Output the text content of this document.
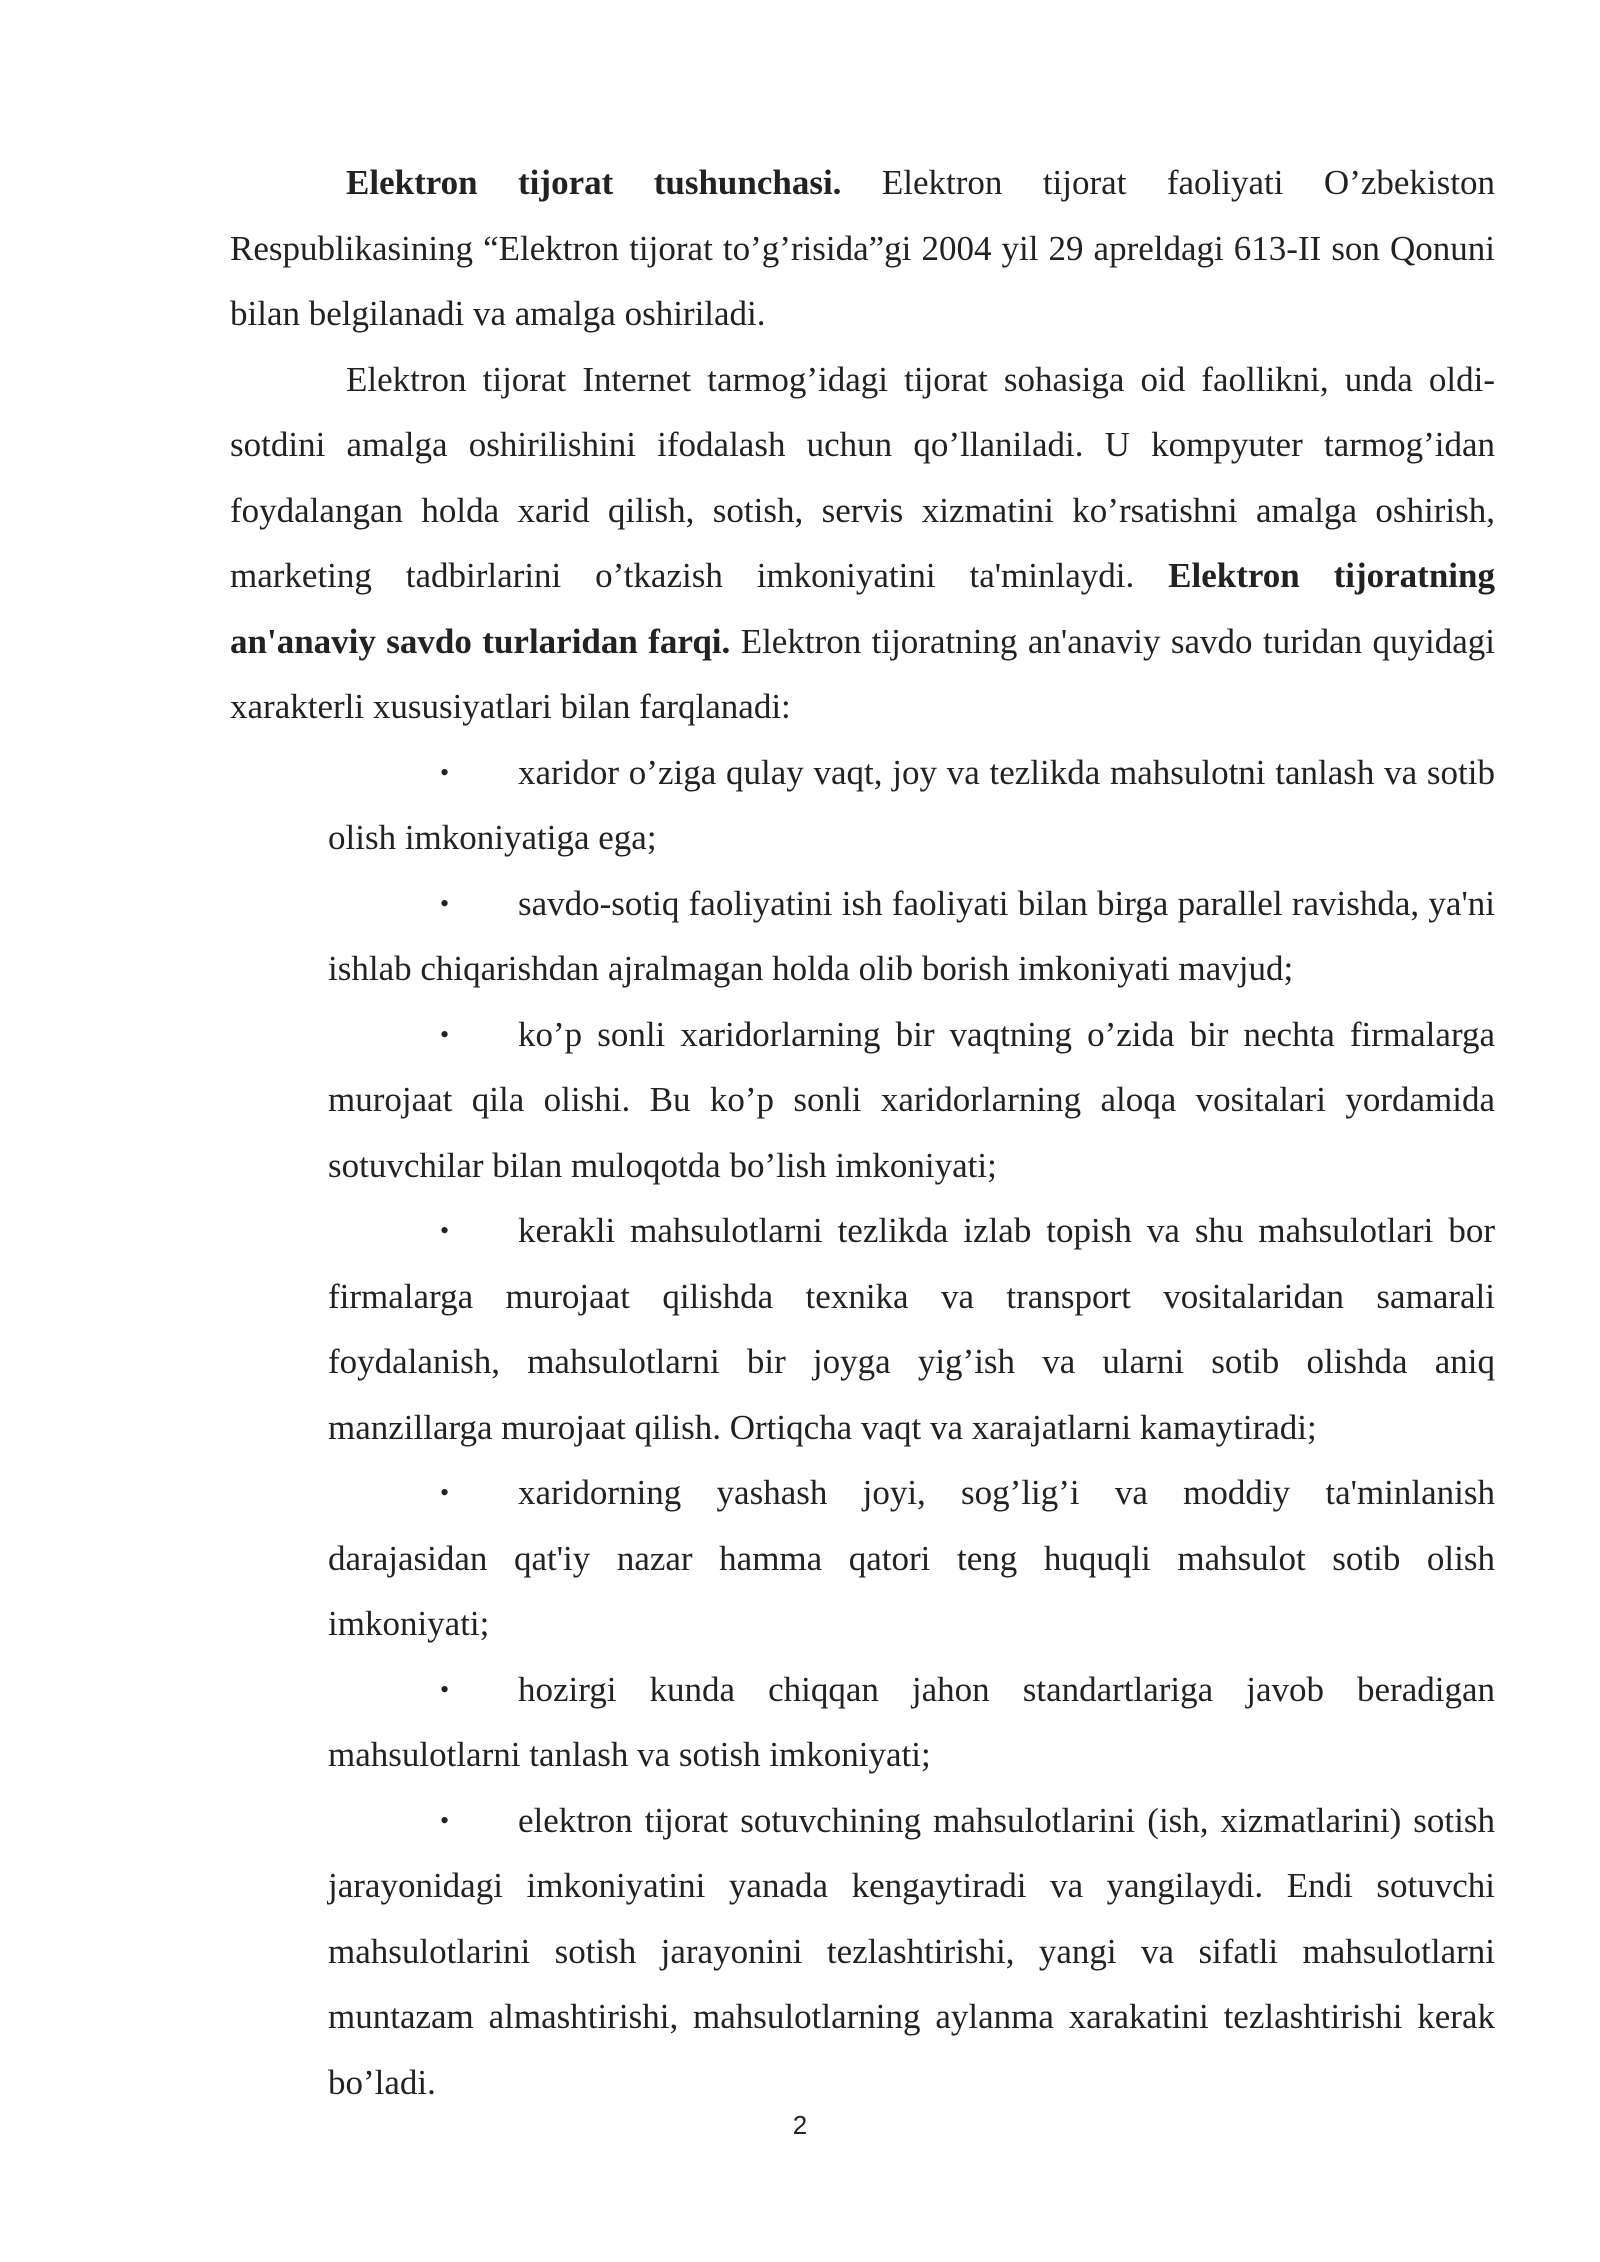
Elektron tijorat tushunchasi. Elektron tijorat faoliyati O’zbekiston Respublikasining “Elektron tijorat to’g’risida”gi 2004 yil 29 apreldagi 613-II son Qonuni bilan belgilanadi va amalga oshiriladi.

Elektron tijorat Internet tarmog’idagi tijorat sohasiga oid faollikni, unda oldi-sotdini amalga oshirilishini ifodalash uchun qo’llaniladi. U kompyuter tarmog’idan foydalangan holda xarid qilish, sotish, servis xizmatini ko’rsatishni amalga oshirish, marketing tadbirlarini o’tkazish imkoniyatini ta'minlaydi. Elektron tijoratning an'anaviy savdo turlaridan farqi. Elektron tijoratning an'anaviy savdo turidan quyidagi xarakterli xususiyatlari bilan farqlanadi:

• xaridor o’ziga qulay vaqt, joy va tezlikda mahsulotni tanlash va sotib olish imkoniyatiga ega;
• savdo-sotiq faoliyatini ish faoliyati bilan birga parallel ravishda, ya'ni ishlab chiqarishdan ajralmagan holda olib borish imkoniyati mavjud;
• ko’p sonli xaridorlarning bir vaqtning o’zida bir nechta firmalarga murojaat qila olishi. Bu ko’p sonli xaridorlarning aloqa vositalari yordamida sotuvchilar bilan muloqotda bo’lish imkoniyati;
• kerakli mahsulotlarni tezlikda izlab topish va shu mahsulotlari bor firmalarga murojaat qilishda texnika va transport vositalaridan samarali foydalanish, mahsulotlarni bir joyga yig’ish va ularni sotib olishda aniq manzillarga murojaat qilish. Ortiqcha vaqt va xarajatlarni kamaytiradi;
• xaridorning yashash joyi, sog’lig’i va moddiy ta'minlanish darajasidan qat'iy nazar hamma qatori teng huquqli mahsulot sotib olish imkoniyati;
• hozirgi kunda chiqqan jahon standartlariga javob beradigan mahsulotlarni tanlash va sotish imkoniyati;
• elektron tijorat sotuvchining mahsulotlarini (ish, xizmatlarini) sotish jarayonidagi imkoniyatini yanada kengaytiradi va yangilaydi. Endi sotuvchi mahsulotlarini sotish jarayonini tezlashtirishi, yangi va sifatli mahsulotlarni muntazam almashtirishi, mahsulotlarning aylanma xarakatini tezlashtirishi kerak bo’ladi.
2
